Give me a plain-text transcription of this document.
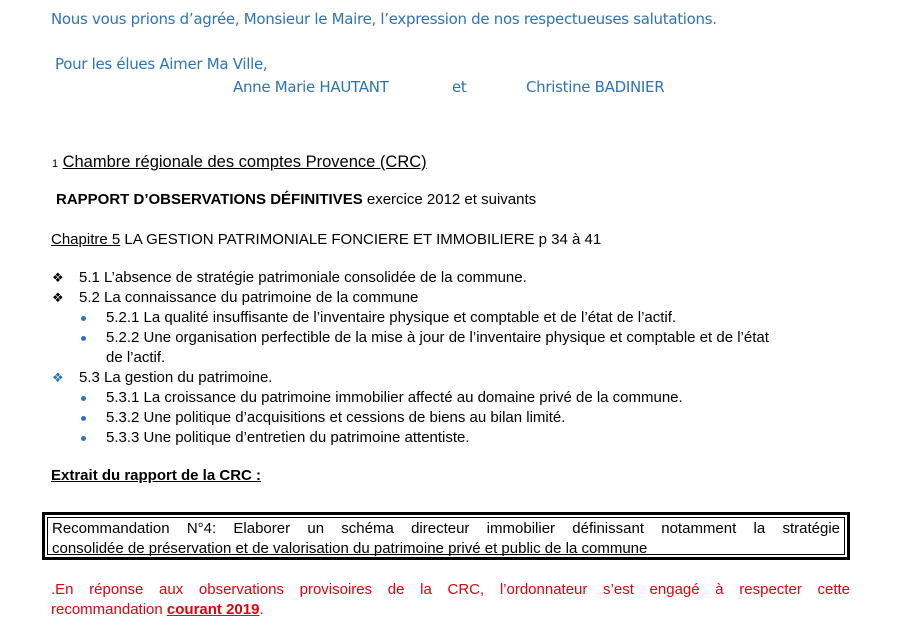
Nous vous prions d’agrée, Monsieur le Maire, l’expression de nos respectueuses salutations.
Pour les élues Aimer Ma Ville,
Anne Marie HAUTANT	et	Christine BADINIER
1 Chambre régionale des comptes Provence (CRC)
RAPPORT D’OBSERVATIONS DÉFINITIVES exercice 2012 et suivants
Chapitre 5 LA GESTION PATRIMONIALE FONCIERE ET IMMOBILIERE p 34 à 41
❖ 5.1 L’absence de stratégie patrimoniale consolidée de la commune.
❖ 5.2 La connaissance du patrimoine de la commune
5.2.1 La qualité insuffisante de l’inventaire physique et comptable et de l’état de l’actif.
5.2.2 Une organisation perfectible de la mise à jour de l’inventaire physique et comptable et de l’état
de l’actif.
❖ 5.3 La gestion du patrimoine.
5.3.1 La croissance du patrimoine immobilier affecté au domaine privé de la commune.
5.3.2 Une politique d’acquisitions et cessions de biens au bilan limité.
5.3.3 Une politique d’entretien du patrimoine attentiste.
Extrait du rapport de la CRC :
Recommandation N°4: Elaborer un schéma directeur immobilier définissant notamment la stratégie
consolidée de préservation et de valorisation du patrimoine privé et public de la commune
.En réponse aux observations provisoires de la CRC, l’ordonnateur s’est engagé à respecter cette
recommandation courant 2019.
